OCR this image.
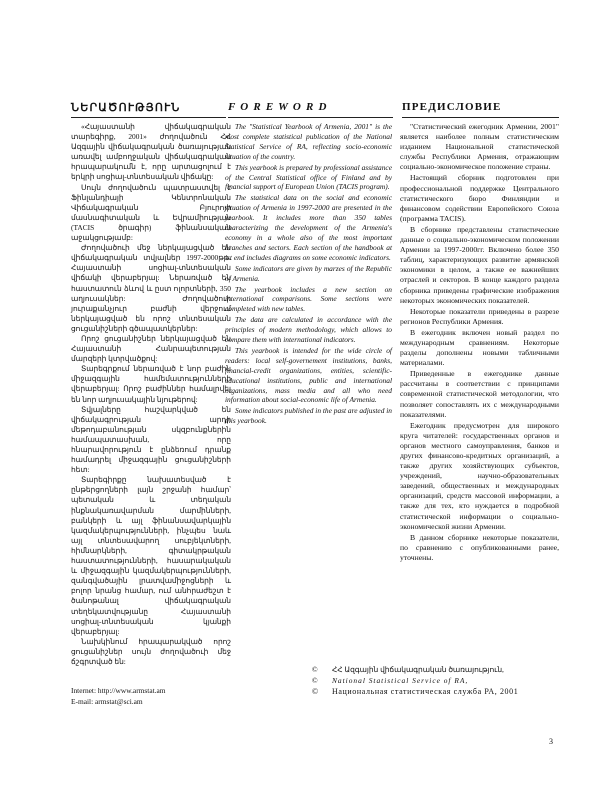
ՆԵՐԱԾՈՒԹՅՈՒՆ	F O R E W O R D	ПРЕДИСЛОВИЕ

«Հայաստանի վիճակագրական տարեգիրք, 2001» ժողովածուն ՀՀ Ազգային վիճակագրական ծառայության առավել ամբողջական վիճակագրական հրապարակումն է, որը արտացոլում է երկրի սոցիալ-տնտեսական վիճակը:

Սույն ժողովածուն պատրաստվել է Ֆինլանդիայի Կենտրոնական Վիճակագրական Բյուրոյի մասնագիտական և Եվրամիության (TACIS ծրագիր) ֆինանսական աջակցությամբ:

Ժողովածուի մեջ ներկայացված են վիճակագրական տվյալներ 1997-2000թթ. Հայաստանի սոցիալ-տնտեսական վիճակի վերաբերյալ: Ներառված են հաստատուն ձևով և ըստ ոլորտների, 350 աղյուսակներ: Ժողովածուի յուրաքանչյուր բաժնի վերջում ներկայացված են որոշ տնտեսական ցուցանիշների գծապատկերներ:

Որոշ ցուցանիշներ ներկայացված են Հայաստանի Հանրապետության մարզերի կտրվածքով:

Տարեգրքում ներառված է նոր բաժին միջազգային համեմատությունների վերաբերյալ: Որոշ բաժիններ համալրվել են նոր աղյուսակային նյութերով:

Տվյալները հաշվարկված են վիճակագրության արդի մեթոդաբանության սկզբունքներին համապատասխան, որը հնարավորություն է ընձեռում դրանք համադրել միջազգային ցուցանիշների հետ:

Տարեգիրքը նախատեսված է ընթերցողների լայն շրջանի համար՝ պետական և տեղական ինքնակառավարման մարմինների, բանկերի և այլ ֆինանսավարկային կազմակերպությունների, ինչպես նաև այլ տնտեսավարող սուբյեկտների, հիմնարկների, գիտակրթական հաստատությունների, հասարակական և միջազգային կազմակերպությունների, զանգվածային լրատվամիջոցների և բոլոր նրանց համար, ում անհրաժեշտ է ծանոթանալ վիճակագրական տեղեկատվությանը Հայաստանի սոցիալ-տնտեսական կյանքի վերաբերյալ:

Նախկինում հրապարակված որոշ ցուցանիշներ սույն ժողովածուի մեջ ճշգրտված են:

The "Statistical Yearbook of Armenia, 2001" is the most complete statistical publication of the National Statistical Service of RA, reflecting socio-economic situation of the country.

This yearbook is prepared by professional assistance of the Central Statistical office of Finland and by financial support of European Union (TACIS program).

The statistical data on the social and economic situation of Armenia in 1997-2000 are presented in the yearbook. It includes more than 350 tables characterizing the development of the Armenia's economy in a whole also of the most important branches and sectors. Each section of the handbook at ist end includes diagrams on some economic indicators.

Some indicators are given by marzes of the Republic of Armenia.

The yearbook includes a new section on international comparisons. Some sections were completed with new tables.

The data are calculated in accordance with the principles of modern methodology, which allows to compare them with international indicators.

This yearbook is intended for the wide circle of readers: local self-governement institutions, banks, financial-credit organizations, entities, scientific-educational institutions, public and international organizations, mass media and all who need information about social-economic life of Armenia.

Some indicators published in the past are adjusted in this yearbook.

"Статистический ежегодник Армении, 2001" является наиболее полным статистическим изданием Национальной статистической службы Республики Армения, отражающим социально-экономическое положение страны.

Настоящий сборник подготовлен при профессиональной поддержке Центрального статистического бюро Финляндии и финансовом содействии Европейского Союза (программа TACIS).

В сборнике представлены статистические данные о социально-экономическом положении Армении за 1997-2000гг. Включено более 350 таблиц, характеризующих развитие армянской экономики в целом, а также ее важнейших отраслей и секторов. В конце каждого раздела сборника приведены графические изображения некоторых экономических показателей.

Некоторые показатели приведены в разрезе регионов Республики Армения.

В ежегодник включен новый раздел по международным сравнениям. Некоторые разделы дополнены новыми табличными материалами.

Приведенные в ежегоднике данные рассчитаны в соответствии с принципами современной статистической методологии, что позволяет сопоставлять их с международными показателями.

Ежегодник предусмотрен для широкого круга читателей: государственных органов и органов местного самоуправления, банков и других финансово-кредитных организаций, а также других хозяйствующих субъектов, учреждений, научно-образовательных заведений, общественных и международных организаций, средств массовой информации, а также для тех, кто нуждается в подробной статистической информации о социально-экономической жизни Армении.

В данном сборнике некоторые показатели, по сравнению с опубликованными ранее, уточнены.

Internet: http://www.armstat.am
E-mail: armstat@sci.am
© ՀՀ Ազգային վիճակագրական ծառայություն,
© National Statistical Service of RA,
© Национальная статистическая служба РА, 2001
3
